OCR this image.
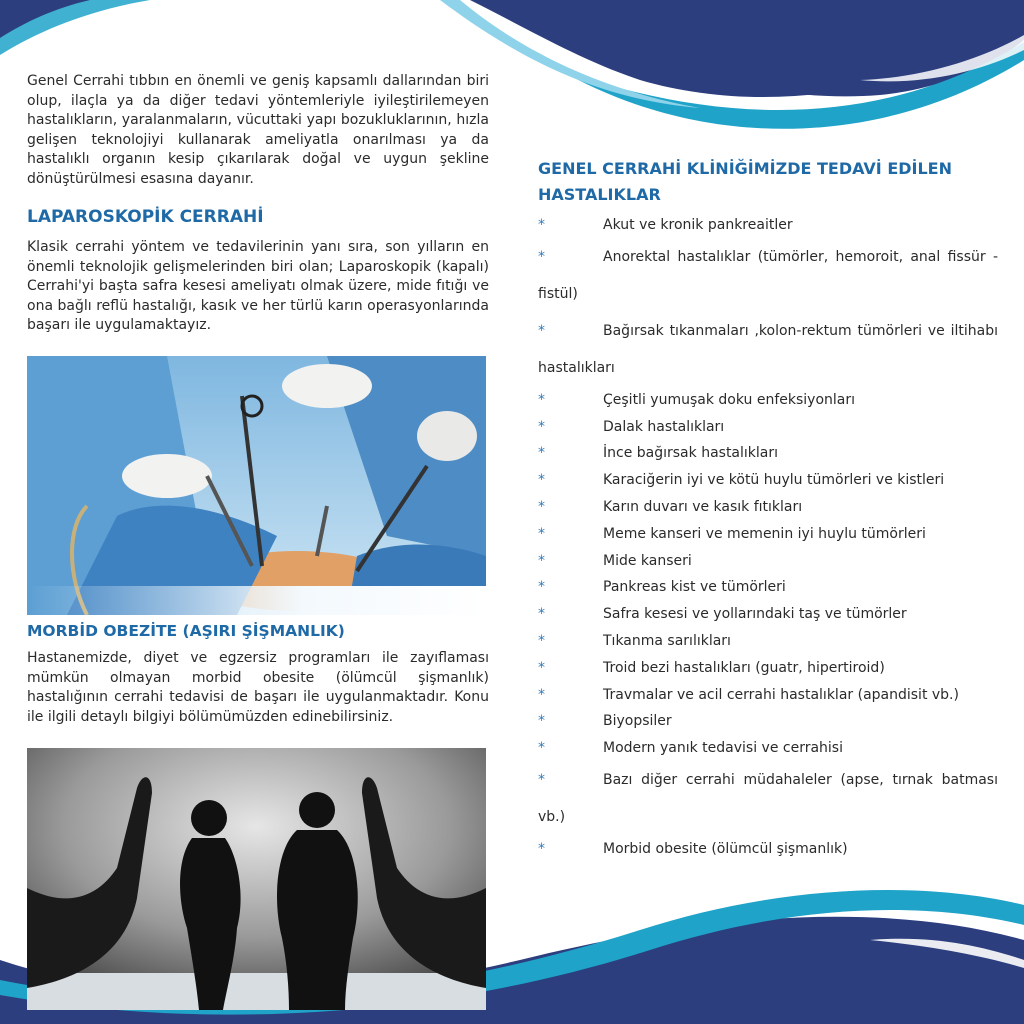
Genel Cerrahi tıbbın en önemli ve geniş kapsamlı dallarından biri olup, ilaçla ya da diğer tedavi yöntemleriyle iyileştirilemeyen hastalıkların, yaralanmaların, vücuttaki yapı bozukluklarının, hızla gelişen teknolojiyi kullanarak ameliyatla onarılması ya da hastalıklı organın kesip çıkarılarak doğal ve uygun şekline dönüştürülmesi esasına dayanır.

LAPAROSKOPİK CERRAHİ

Klasik cerrahi yöntem ve tedavilerinin yanı sıra, son yılların en önemli teknolojik gelişmelerinden biri olan; Laparoskopik (kapalı) Cerrahi'yi başta safra kesesi ameliyatı olmak üzere, mide fıtığı ve ona bağlı reflü hastalığı, kasık ve her türlü karın operasyonlarında başarı ile uygulamaktayız.

MORBİD OBEZİTE (AŞIRI ŞİŞMANLIK)

Hastanemizde, diyet ve egzersiz programları ile zayıflaması mümkün olmayan morbid obesite (ölümcül şişmanlık) hastalığının cerrahi tedavisi de başarı ile uygulanmaktadır. Konu ile ilgili detaylı bilgiyi bölümümüzden edinebilirsiniz.

GENEL CERRAHİ KLİNİĞİMİZDE TEDAVİ EDİLEN HASTALIKLAR
*	Akut ve kronik pankreaitler
*	Anorektal hastalıklar (tümörler, hemoroit, anal fissür - fistül)
*	Bağırsak tıkanmaları ,kolon-rektum tümörleri ve iltihabı hastalıkları
*	Çeşitli yumuşak doku enfeksiyonları
*	Dalak hastalıkları
*	İnce bağırsak hastalıkları
*	Karaciğerin iyi ve kötü huylu tümörleri ve kistleri
*	Karın duvarı ve kasık fıtıkları
*	Meme kanseri ve memenin iyi huylu tümörleri
*	Mide kanseri
*	Pankreas kist ve tümörleri
*	Safra kesesi ve yollarındaki taş ve tümörler
*	Tıkanma sarılıkları
*	Troid bezi hastalıkları (guatr, hipertiroid)
*	Travmalar ve acil cerrahi hastalıklar (apandisit vb.)
*	Biyopsiler
*	Modern yanık tedavisi ve cerrahisi
*	Bazı diğer cerrahi müdahaleler (apse, tırnak batması vb.)
*	Morbid obesite (ölümcül şişmanlık)
